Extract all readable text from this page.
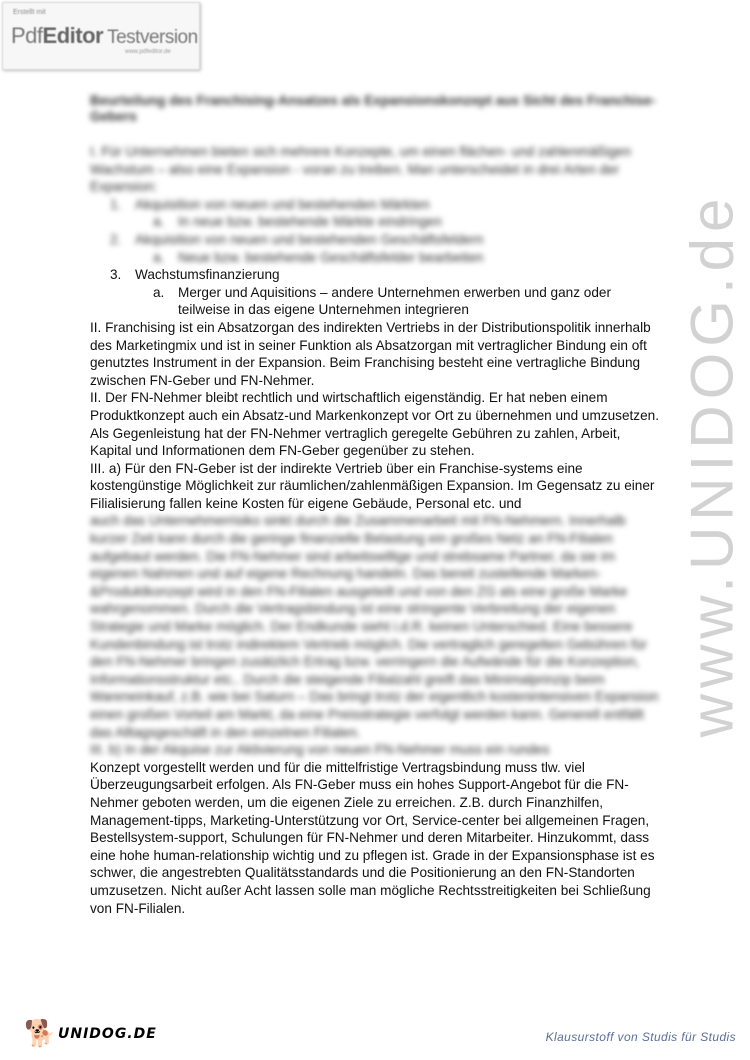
Erstellt mit
PdfEditor Testversion
www.pdfeditor.de
www.UNIDOG.de
Beurteilung des Franchising-Ansatzes als Expansionskonzept aus Sicht des Franchise-Gebers

I. Für Unternehmen bieten sich mehrere Konzepte, um einen flächen- und zahlenmäßigen Wachstum – also eine Expansion - voran zu treiben. Man unterscheidet in drei Arten der Expansion:

1. Akquisition von neuen und bestehenden Märkten
a. In neue bzw. bestehende Märkte eindringen
2. Akquisition von neuen und bestehenden Geschäftsfeldern
a. Neue bzw. bestehende Geschäftsfelder bearbeiten
3. Wachstumsfinanzierung
a. Merger und Aquisitions – andere Unternehmen erwerben und ganz oder teilweise in das eigene Unternehmen integrieren

II. Franchising ist ein Absatzorgan des indirekten Vertriebs in der Distributionspolitik innerhalb des Marketingmix und ist in seiner Funktion als Absatzorgan mit vertraglicher Bindung ein oft genutztes Instrument in der Expansion. Beim Franchising besteht eine vertragliche Bindung zwischen FN-Geber und FN-Nehmer.

II. Der FN-Nehmer bleibt rechtlich und wirtschaftlich eigenständig. Er hat neben einem Produktkonzept auch ein Absatz-und Markenkonzept vor Ort zu übernehmen und umzusetzen. Als Gegenleistung hat der FN-Nehmer vertraglich geregelte Gebühren zu zahlen, Arbeit, Kapital und Informationen dem FN-Geber gegenüber zu stehen.

III. a) Für den FN-Geber ist der indirekte Vertrieb über ein Franchise-systems eine kostengünstige Möglichkeit zur räumlichen/zahlenmäßigen Expansion. Im Gegensatz zu einer Filialisierung fallen keine Kosten für eigene Gebäude, Personal etc. und

auch das Unternehmerrisiko sinkt durch die Zusammenarbeit mit FN-Nehmern. Innerhalb kurzer Zeit kann durch die geringe finanzielle Belastung ein großes Netz an FN-Filialen aufgebaut werden. Die FN-Nehmer sind arbeitswillige und strebsame Partner, da sie im eigenen Nahmen und auf eigene Rechnung handeln. Das bereit zustellende Marken-&Produktkonzept wird in den FN-Filialen ausgeteilt und von den ZG als eine große Marke wahrgenommen. Durch die Vertragsbindung ist eine stringente Verbreitung der eigenen Strategie und Marke möglich. Der Endkunde sieht i.d.R. keinen Unterschied. Eine bessere Kundenbindung ist trotz indirektem Vertrieb möglich. Die vertraglich geregelten Gebühren für den FN-Nehmer bringen zusätzlich Ertrag bzw. verringern die Aufwände für die Konzeption, Informationsstruktur etc.. Durch die steigende Filialzahl greift das Minimalprinzip beim Wareneinkauf, z.B. wie bei Saturn – Das bringt trotz der eigentlich kostenintensiven Expansion einen großen Vorteil am Markt, da eine Preisstrategie verfolgt werden kann. Generell entfällt das Alltagsgeschäft in den einzelnen Filialen.

III. b) In der Akquise zur Aktivierung von neuen FN-Nehmer muss ein rundes

Konzept vorgestellt werden und für die mittelfristige Vertragsbindung muss tlw. viel Überzeugungsarbeit erfolgen. Als FN-Geber muss ein hohes Support-Angebot für die FN-Nehmer geboten werden, um die eigenen Ziele zu erreichen. Z.B. durch Finanzhilfen, Management-tipps, Marketing-Unterstützung vor Ort, Service-center bei allgemeinen Fragen, Bestellsystem-support, Schulungen für FN-Nehmer und deren Mitarbeiter. Hinzukommt, dass eine hohe human-relationship wichtig und zu pflegen ist. Grade in der Expansionsphase ist es schwer, die angestrebten Qualitätsstandards und die Positionierung an den FN-Standorten umzusetzen. Nicht außer Acht lassen solle man mögliche Rechtsstreitigkeiten bei Schließung von FN-Filialen.

🐕 UNIDOG.DE	Klausurstoff von Studis für Studis
